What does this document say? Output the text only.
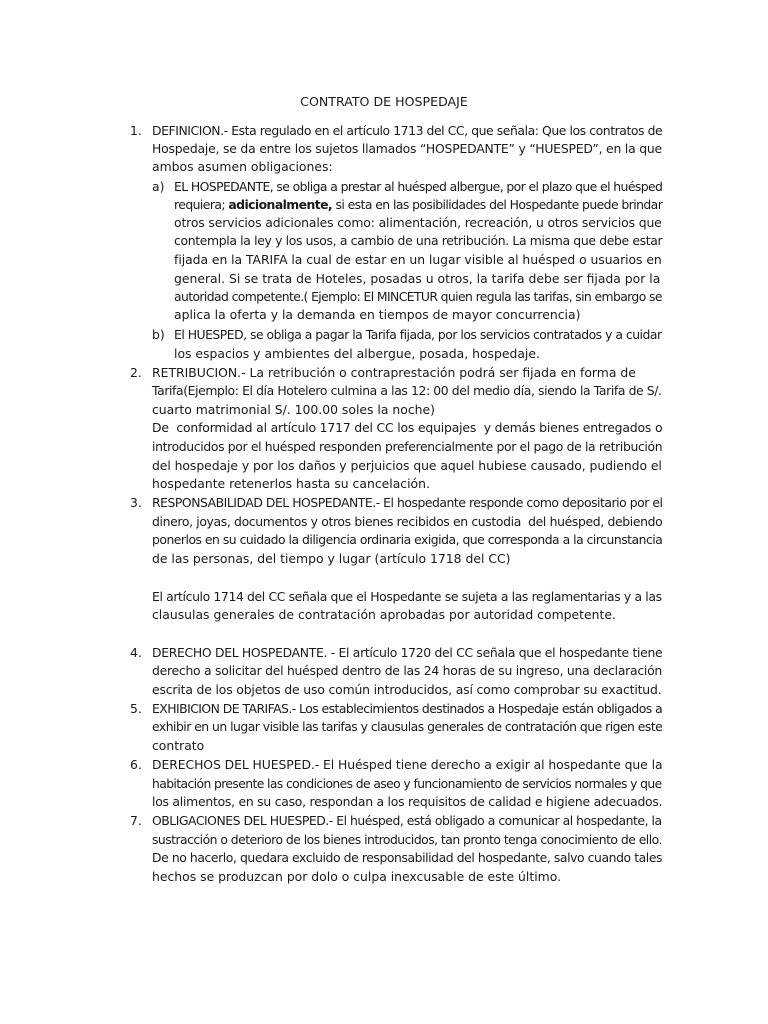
CONTRATO DE HOSPEDAJE
1. DEFINICION.- Esta regulado en el artículo 1713 del CC, que señala: Que los contratos de
Hospedaje, se da entre los sujetos llamados “HOSPEDANTE” y “HUESPED”, en la que
ambos asumen obligaciones:
a) EL HOSPEDANTE, se obliga a prestar al huésped albergue, por el plazo que el huésped
requiera; adicionalmente, si esta en las posibilidades del Hospedante puede brindar
otros servicios adicionales como: alimentación, recreación, u otros servicios que
contempla la ley y los usos, a cambio de una retribución. La misma que debe estar
fijada en la TARIFA la cual de estar en un lugar visible al huésped o usuarios en
general. Si se trata de Hoteles, posadas u otros, la tarifa debe ser fijada por la
autoridad competente.( Ejemplo: El MINCETUR quien regula las tarifas, sin embargo se
aplica la oferta y la demanda en tiempos de mayor concurrencia)
b) El HUESPED, se obliga a pagar la Tarifa fijada, por los servicios contratados y a cuidar
los espacios y ambientes del albergue, posada, hospedaje.
2. RETRIBUCION.- La retribución o contraprestación podrá ser fijada en forma de
Tarifa(Ejemplo: El día Hotelero culmina a las 12: 00 del medio día, siendo la Tarifa de S/.
cuarto matrimonial S/. 100.00 soles la noche)
De  conformidad al artículo 1717 del CC los equipajes  y demás bienes entregados o
introducidos por el huésped responden preferencialmente por el pago de la retribución
del hospedaje y por los daños y perjuicios que aquel hubiese causado, pudiendo el
hospedante retenerlos hasta su cancelación.
3. RESPONSABILIDAD DEL HOSPEDANTE.- El hospedante responde como depositario por el
dinero, joyas, documentos y otros bienes recibidos en custodia  del huésped, debiendo
ponerlos en su cuidado la diligencia ordinaria exigida, que corresponda a la circunstancia
de las personas, del tiempo y lugar (artículo 1718 del CC)
El artículo 1714 del CC señala que el Hospedante se sujeta a las reglamentarias y a las
clausulas generales de contratación aprobadas por autoridad competente.
4. DERECHO DEL HOSPEDANTE. - El artículo 1720 del CC señala que el hospedante tiene
derecho a solicitar del huésped dentro de las 24 horas de su ingreso, una declaración
escrita de los objetos de uso común introducidos, así como comprobar su exactitud.
5. EXHIBICION DE TARIFAS.- Los establecimientos destinados a Hospedaje están obligados a
exhibir en un lugar visible las tarifas y clausulas generales de contratación que rigen este
contrato
6. DERECHOS DEL HUESPED.- El Huésped tiene derecho a exigir al hospedante que la
habitación presente las condiciones de aseo y funcionamiento de servicios normales y que
los alimentos, en su caso, respondan a los requisitos de calidad e higiene adecuados.
7. OBLIGACIONES DEL HUESPED.- El huésped, está obligado a comunicar al hospedante, la
sustracción o deterioro de los bienes introducidos, tan pronto tenga conocimiento de ello.
De no hacerlo, quedara excluido de responsabilidad del hospedante, salvo cuando tales
hechos se produzcan por dolo o culpa inexcusable de este último.
